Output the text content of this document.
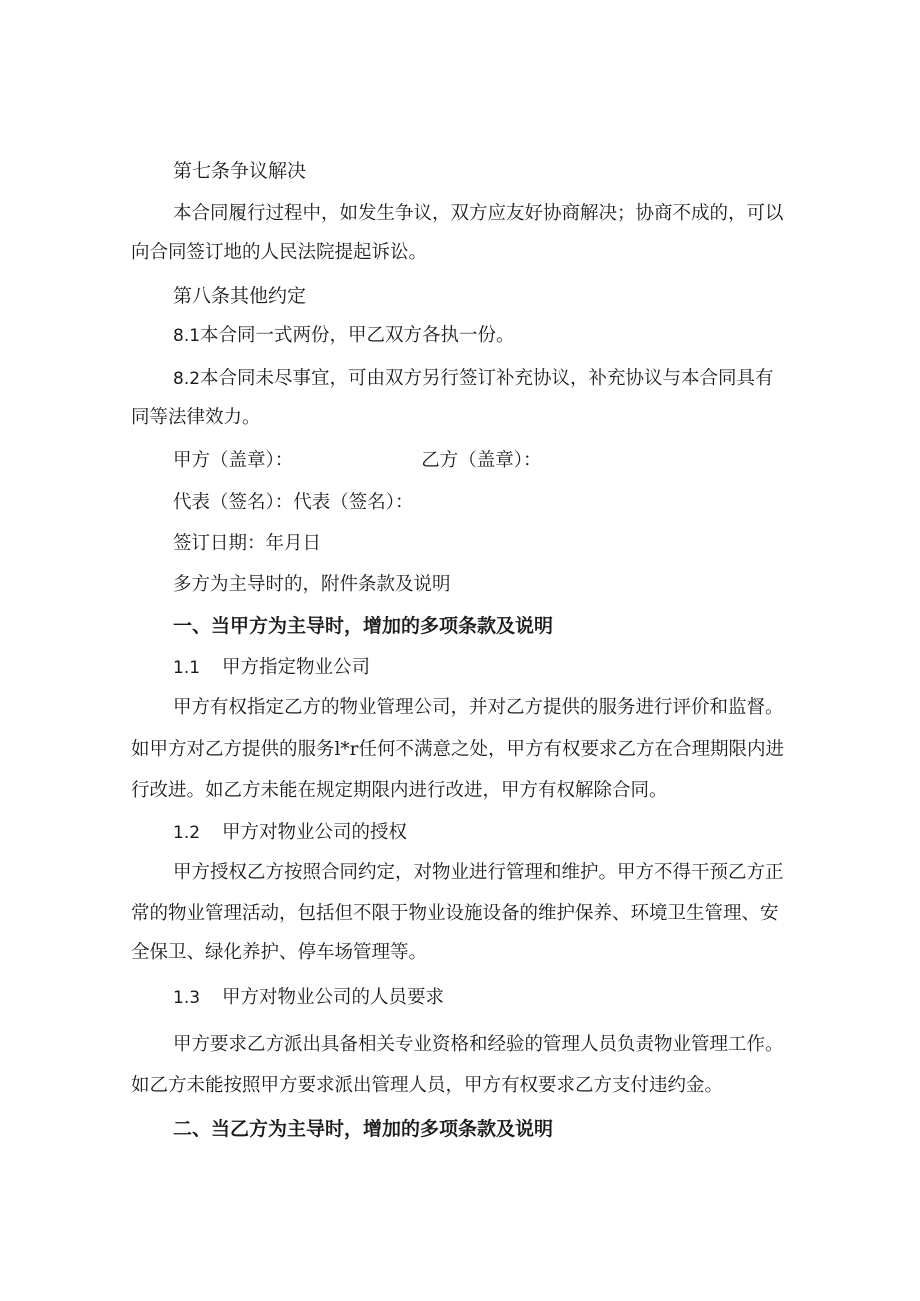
第七条争议解决
本合同履行过程中，如发生争议，双方应友好协商解决；协商不成的，可以
向合同签订地的人民法院提起诉讼。
第八条其他约定
8.1本合同一式两份，甲乙双方各执一份。
8.2本合同未尽事宜，可由双方另行签订补充协议，补充协议与本合同具有
同等法律效力。
甲方（盖章）：	乙方（盖章）：
代表（签名）：代表（签名）：
签订日期：年月日
多方为主导时的，附件条款及说明
一、当甲方为主导时，增加的多项条款及说明
1.1 甲方指定物业公司
甲方有权指定乙方的物业管理公司，并对乙方提供的服务进行评价和监督。
如甲方对乙方提供的服务l*r任何不满意之处，甲方有权要求乙方在合理期限内进
行改进。如乙方未能在规定期限内进行改进，甲方有权解除合同。
1.2 甲方对物业公司的授权
甲方授权乙方按照合同约定，对物业进行管理和维护。甲方不得干预乙方正
常的物业管理活动，包括但不限于物业设施设备的维护保养、环境卫生管理、安
全保卫、绿化养护、停车场管理等。
1.3 甲方对物业公司的人员要求
甲方要求乙方派出具备相关专业资格和经验的管理人员负责物业管理工作。
如乙方未能按照甲方要求派出管理人员，甲方有权要求乙方支付违约金。
二、当乙方为主导时，增加的多项条款及说明
